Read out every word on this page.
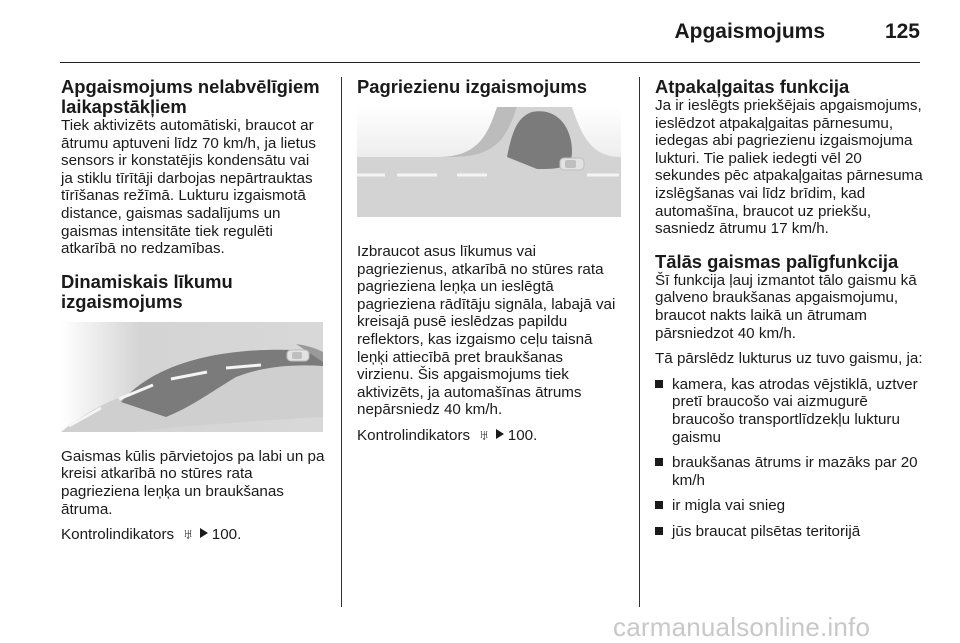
Apgaismojums	125
Apgaismojums nelabvēlīgiem laikapstākļiem

Tiek aktivizēts automātiski, braucot ar ātrumu aptuveni līdz 70 km/h, ja lietus sensors ir konstatējis kondensātu vai ja stiklu tīrītāji darbojas nepārtrauktas tīrīšanas režīmā. Lukturu izgaismotā distance, gaismas sadalījums un gaismas intensitāte tiek regulēti atkarībā no redzamības.

Dinamiskais līkumu izgaismojums

Gaismas kūlis pārvietojos pa labi un pa kreisi atkarībā no stūres rata pagrieziena leņķa un braukšanas ātruma.

Kontrolindikators ♅ 100.

Pagriezienu izgaismojums

Izbraucot asus līkumus vai pagriezienus, atkarībā no stūres rata pagrieziena leņķa un ieslēgtā pagrieziena rādītāju signāla, labajā vai kreisajā pusē ieslēdzas papildu reflektors, kas izgaismo ceļu taisnā leņķi attiecībā pret braukšanas virzienu. Šis apgaismojums tiek aktivizēts, ja automašīnas ātrums nepārsniedz 40 km/h.

Kontrolindikators ♅ 100.

Atpakaļgaitas funkcija

Ja ir ieslēgts priekšējais apgaismojums, ieslēdzot atpakaļgaitas pārnesumu, iedegas abi pagriezienu izgaismojuma lukturi. Tie paliek iedegti vēl 20 sekundes pēc atpakaļgaitas pārnesuma izslēgšanas vai līdz brīdim, kad automašīna, braucot uz priekšu, sasniedz ātrumu 17 km/h.

Tālās gaismas palīgfunkcija

Šī funkcija ļauj izmantot tālo gaismu kā galveno braukšanas apgaismojumu, braucot nakts laikā un ātrumam pārsniedzot 40 km/h.

Tā pārslēdz lukturus uz tuvo gaismu, ja:

kamera, kas atrodas vējstiklā, uztver pretī braucošo vai aizmugurē braucošo transportlīdzekļu lukturu gaismu
braukšanas ātrums ir mazāks par 20 km/h
ir migla vai snieg
jūs braucat pilsētas teritorijā
carmanualsonline.info
